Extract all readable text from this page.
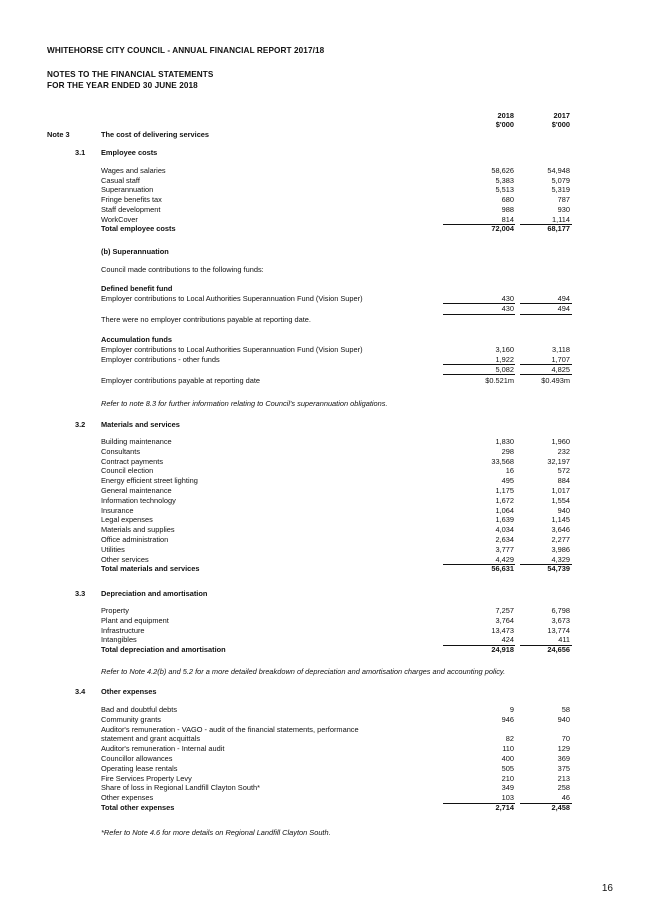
WHITEHORSE CITY COUNCIL - ANNUAL FINANCIAL REPORT 2017/18
NOTES TO THE FINANCIAL STATEMENTS
FOR THE YEAR ENDED 30 JUNE 2018
2018	2017
$'000	$'000
Note 3	The cost of delivering services
3.1 Employee costs
Wages and salaries	58,626	54,948
Casual staff	5,383	5,079
Superannuation	5,513	5,319
Fringe benefits tax	680	787
Staff development	988	930
WorkCover	814	1,114
Total employee costs	72,004	68,177
(b) Superannuation
Council made contributions to the following funds:
Defined benefit fund
Employer contributions to Local Authorities Superannuation Fund (Vision Super)	430	494
430	494
There were no employer contributions payable at reporting date.
Accumulation funds
Employer contributions to Local Authorities Superannuation Fund (Vision Super)	3,160	3,118
Employer contributions - other funds	1,922	1,707
5,082	4,825
Employer contributions payable at reporting date	$0.521m	$0.493m
Refer to note 8.3 for further information relating to Council's superannuation obligations.
3.2 Materials and services
Building maintenance	1,830	1,960
Consultants	298	232
Contract payments	33,568	32,197
Council election	16	572
Energy efficient street lighting	495	884
General maintenance	1,175	1,017
Information technology	1,672	1,554
Insurance	1,064	940
Legal expenses	1,639	1,145
Materials and supplies	4,034	3,646
Office administration	2,634	2,277
Utilities	3,777	3,986
Other services	4,429	4,329
Total materials and services	56,631	54,739
3.3 Depreciation and amortisation
Property	7,257	6,798
Plant and equipment	3,764	3,673
Infrastructure	13,473	13,774
Intangibles	424	411
Total depreciation and amortisation	24,918	24,656
Refer to Note 4.2(b) and 5.2 for a more detailed breakdown of depreciation and amortisation charges and accounting policy.
3.4 Other expenses
Bad and doubtful debts	9	58
Community grants	946	940
Auditor's remuneration - VAGO - audit of the financial statements, performance
statement and grant acquittals	82	70
Auditor's remuneration - Internal audit	110	129
Councillor allowances	400	369
Operating lease rentals	505	375
Fire Services Property Levy	210	213
Share of loss in Regional Landfill Clayton South*	349	258
Other expenses	103	46
Total other expenses	2,714	2,458
*Refer to Note 4.6 for more details on Regional Landfill Clayton South.
16
